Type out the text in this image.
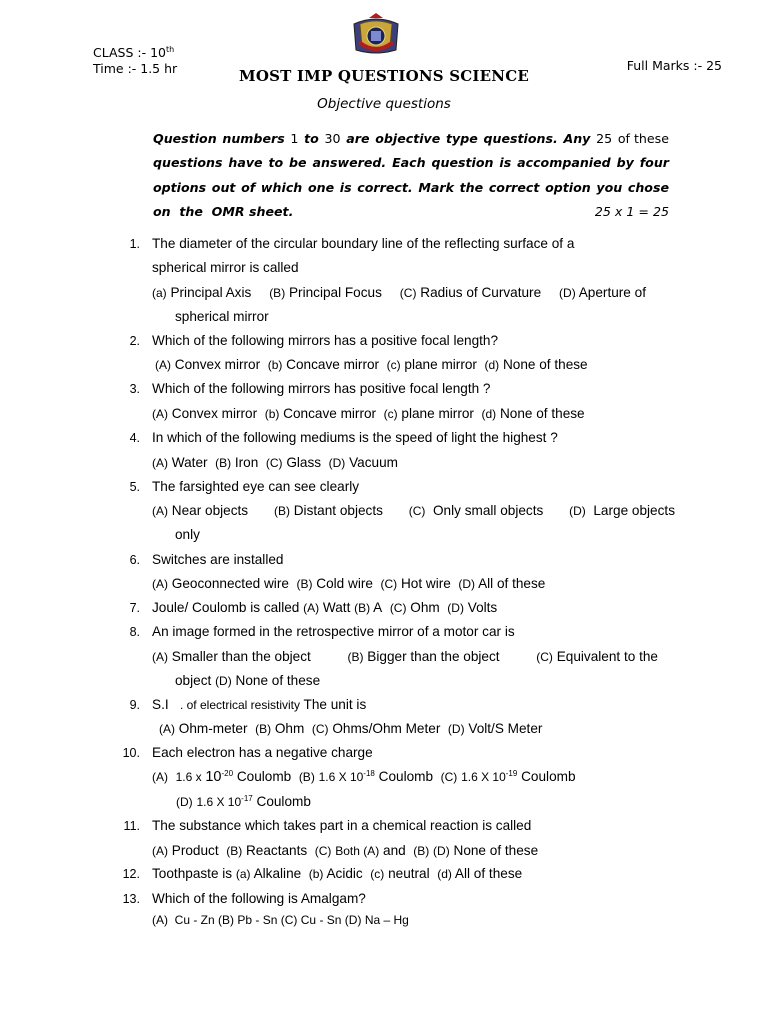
CLASS :- 10th
Time :- 1.5 hr	Full Marks :- 25
MOST IMP QUESTIONS SCIENCE
Objective questions
Question numbers 1 to 30 are objective type questions. Any 25 of these
questions have to be answered. Each question is accompanied by four
options out of which one is correct. Mark the correct option you chose
on  the  OMR sheet.	25 x 1 = 25
1. The diameter of the circular boundary line of the reflecting surface of a
spherical mirror is called
(a) Principal Axis (B) Principal Focus (C) Radius of Curvature (D) Aperture of
spherical mirror
2. Which of the following mirrors has a positive focal length?
(A) Convex mirror (b) Concave mirror (c) plane mirror (d) None of these
3. Which of the following mirrors has positive focal length ?
(A) Convex mirror (b) Concave mirror (c) plane mirror (d) None of these
4. In which of the following mediums is the speed of light the highest ?
(A) Water (B) Iron (C) Glass (D) Vacuum
5. The farsighted eye can see clearly
(A) Near objects (B) Distant objects (C) Only small objects (D) Large objects
only
6. Switches are installed
(A) Geoconnected wire (B) Cold wire (C) Hot wire (D) All of these
7. Joule/ Coulomb is called (A) Watt (B) A (C) Ohm (D) Volts
8. An image formed in the retrospective mirror of a motor car is
(A) Smaller than the object	(B) Bigger than the object	(C) Equivalent to the
object (D) None of these
9. S.I . of electrical resistivity The unit is
(A) Ohm-meter (B) Ohm (C) Ohms/Ohm Meter (D) Volt/S Meter
10. Each electron has a negative charge
(A) 1.6 x $10^{-20}$ Coulomb (B) 1.6 X $10^{-18}$ Coulomb (C) 1.6 X $10^{-19}$ Coulomb
(D) 1.6 X $10^{-17}$ Coulomb
11. The substance which takes part in a chemical reaction is called
(A) Product (B) Reactants (C) Both (A) and (B) (D) None of these
12. Toothpaste is (a) Alkaline (b) Acidic (c) neutral (d) All of these
13. Which of the following is Amalgam?
(A) Cu - Zn (B) Pb - Sn (C) Cu - Sn (D) Na – Hg
